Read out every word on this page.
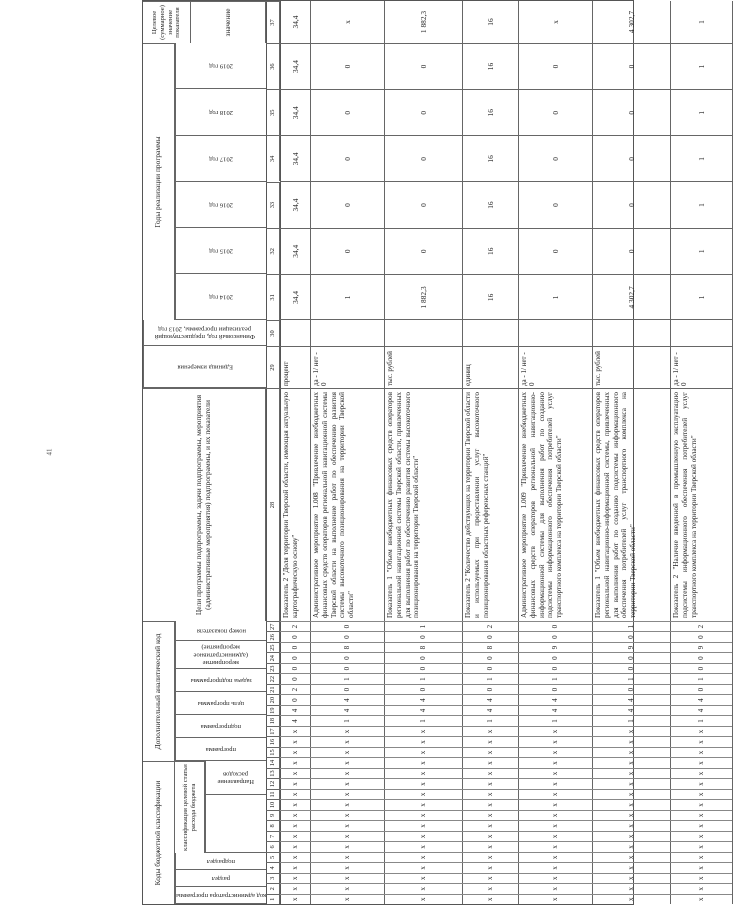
41
Коды бюджетной классификации
Дополнительный аналитический код
Цели программы подпрограммы, задачи подпрограммы, мероприятия (административные мероприятия) подпрограммы, и их показатели
Единица измерения
Финансовый год, предшествующий реализации программы, 2013 год
Годы реализации программы
Целевое (суммарное) значение показателя	значение
код администратора программы
раздел
подраздел
классификация целевой статьи расхода бюджета
Направление расходов
программа
подпрограмма
цель программы
задача подпрограммы
мероприятие (административное мероприятие)
номер показателя
2014 год
2015 год
2016 год
2017 год
2018 год
2019 год
1
2
3
4
5
6
7
8
9
10
11
12
13
14
15
16
17
18
19
20
21
22
23
24
25
26
27
28
29
30
31
32
33
34
35
36
37
x
x
x
x
x
x
x
x
x
x
x
x
x
x
x
x
x
4
4
0
2
0
0
0
0
0
2
Показатель 2 "Доля территории Тверской области, имеющая актуальную картографическую основу"
процент
34,4
34,4
34,4
34,4
34,4
34,4
34,4
x
x
x
x
x
x
x
x
x
x
x
x
x
x
x
x
x
1
4
4
0
1
0
0
8
0
0
Административное мероприятие 1.008 "Привлечение внебюджетных финансовых средств операторов региональной навигационной системы Тверской области на выполнение работ по обеспечению развития системы высокоточного позиционирования на территории Тверской области"
да - 1/ нет - 0
1
0
0
0
0
0
x
x
x
x
x
x
x
x
x
x
x
x
x
x
x
x
x
x
1
4
4
0
1
0
0
8
0
1
Показатель 1 "Объем внебюджетных финансовых средств операторов региональной навигационной системы Тверской области, привлеченных для выполнения работ по обеспечению развития системы высокоточного позиционирования на территории Тверской области"
тыс. рублей
1 882,3
0
0
0
0
0
1 882,3
x
x
x
x
x
x
x
x
x
x
x
x
x
x
x
x
x
1
4
4
0
1
0
0
8
0
2
Показатель 2 "Количество действующих на территории Тверской области и используемых при предоставлении услуг высокоточного позиционирования областных референсных станций"
единиц
16
16
16
16
16
16
16
x
x
x
x
x
x
x
x
x
x
x
x
x
x
x
x
x
1
4
4
0
1
0
0
9
0
0
Административное мероприятие 1.009 "Привлечение внебюджетных финансовых средств операторов региональной навигационно-информационной системы для выполнения работ по созданию подсистемы информационного обеспечения потребителей услуг транспортного комплекса на территории Тверской области"
да - 1/ нет - 0
1
0
0
0
0
0
x
x
x
x
x
x
x
x
x
x
x
x
x
x
x
x
x
x
1
4
4
0
1
0
0
9
0
1
Показатель 1 "Объем внебюджетных финансовых средств операторов региональной навигационно-информационной системы, привлеченных для выполнения работ по созданию подсистемы информационного обеспечения потребителей услуг транспортного комплекса на территории Тверской области"
тыс. рублей
4 302,7
0
0
0
0
0
4 302,7
x
x
x
x
x
x
x
x
x
x
x
x
x
x
x
x
x
1
4
4
0
1
0
0
9
0
2
Показатель 2 "Наличие введенной в промышленную эксплуатацию подсистемы информационного обеспечения потребителей услуг транспортного комплекса на территории Тверской области"
да - 1/ нет - 0
1
1
1
1
1
1
1
